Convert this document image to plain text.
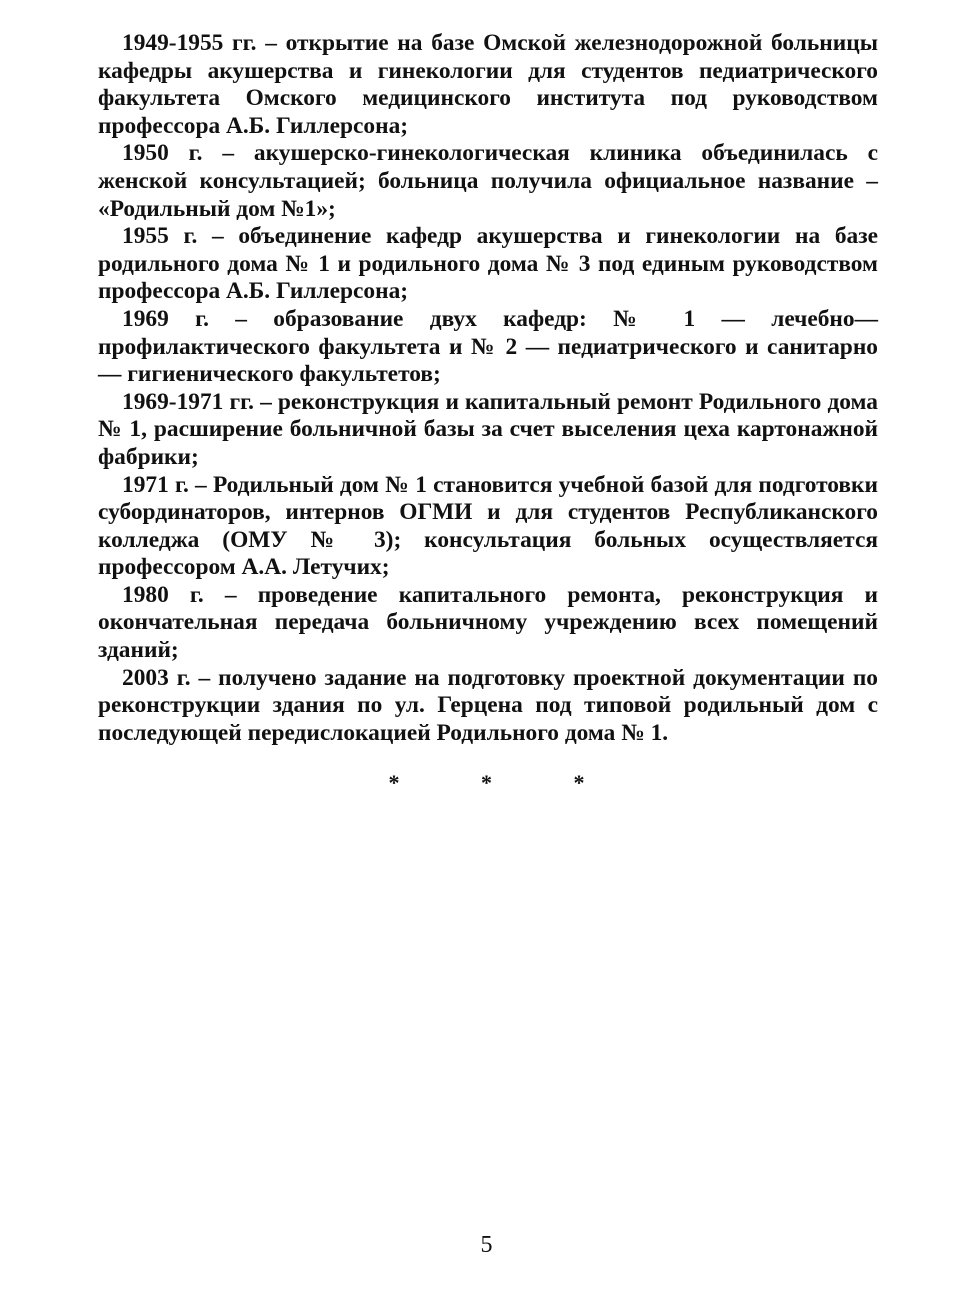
1949-1955 гг. – открытие на базе Омской железнодорожной больницы кафедры акушерства и гинекологии для студентов педиатрического факультета Омского медицинского института под руководством профессора А.Б. Гиллерсона;

1950 г. – акушерско-гинекологическая клиника объединилась с женской консультацией; больница получила официальное название – «Родильный дом №1»;

1955 г. – объединение кафедр акушерства и гинекологии на базе родильного дома № 1 и родильного дома № 3 под единым руководством профессора А.Б. Гиллерсона;

1969 г. – образование двух кафедр: № 1 — лечебно—профилактического факультета и № 2 — педиатрического и санитарно — гигиенического факультетов;

1969-1971 гг. – реконструкция и капитальный ремонт Родильного дома № 1, расширение больничной базы за счет выселения цеха картонажной фабрики;

1971 г. – Родильный дом № 1 становится учебной базой для подготовки субординаторов, интернов ОГМИ и для студентов Республиканского колледжа (ОМУ № 3); консультация больных осуществляется профессором А.А. Летучих;

1980 г. – проведение капитального ремонта, реконструкция и окончательная передача больничному учреждению всех помещений зданий;

2003 г. – получено задание на подготовку проектной документации по реконструкции здания по ул. Герцена под типовой родильный дом с последующей передислокацией Родильного дома № 1.

* * *
5
